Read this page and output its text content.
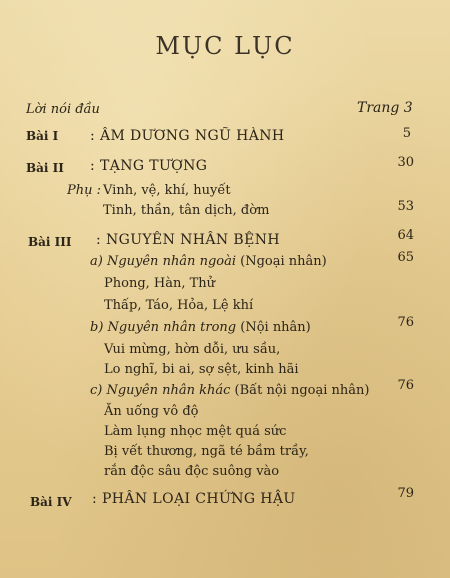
MỤC LỤC
Lời nói đầu	Trang 3
Bài I : ÂM DƯƠNG NGŨ HÀNH	5
Bài II : TẠNG TƯỢNG	30
Phụ : Vinh, vệ, khí, huyết
Tinh, thần, tân dịch, đờm	53
Bài III : NGUYÊN NHÂN BỆNH	64
a) Nguyên nhân ngoài (Ngoại nhân)	65
Phong, Hàn, Thử
Thấp, Táo, Hỏa, Lệ khí
b) Nguyên nhân trong (Nội nhân)	76
Vui mừng, hờn dỗi, ưu sầu,
Lo nghĩ, bi ai, sợ sệt, kinh hãi
c) Nguyên nhân khác (Bất nội ngoại nhân)	76
Ăn uống vô độ
Làm lụng nhọc mệt quá sức
Bị vết thương, ngã té bầm trầy,
rắn độc sâu độc suông vào
Bài IV : PHÂN LOẠI CHỨNG HẬU	79
